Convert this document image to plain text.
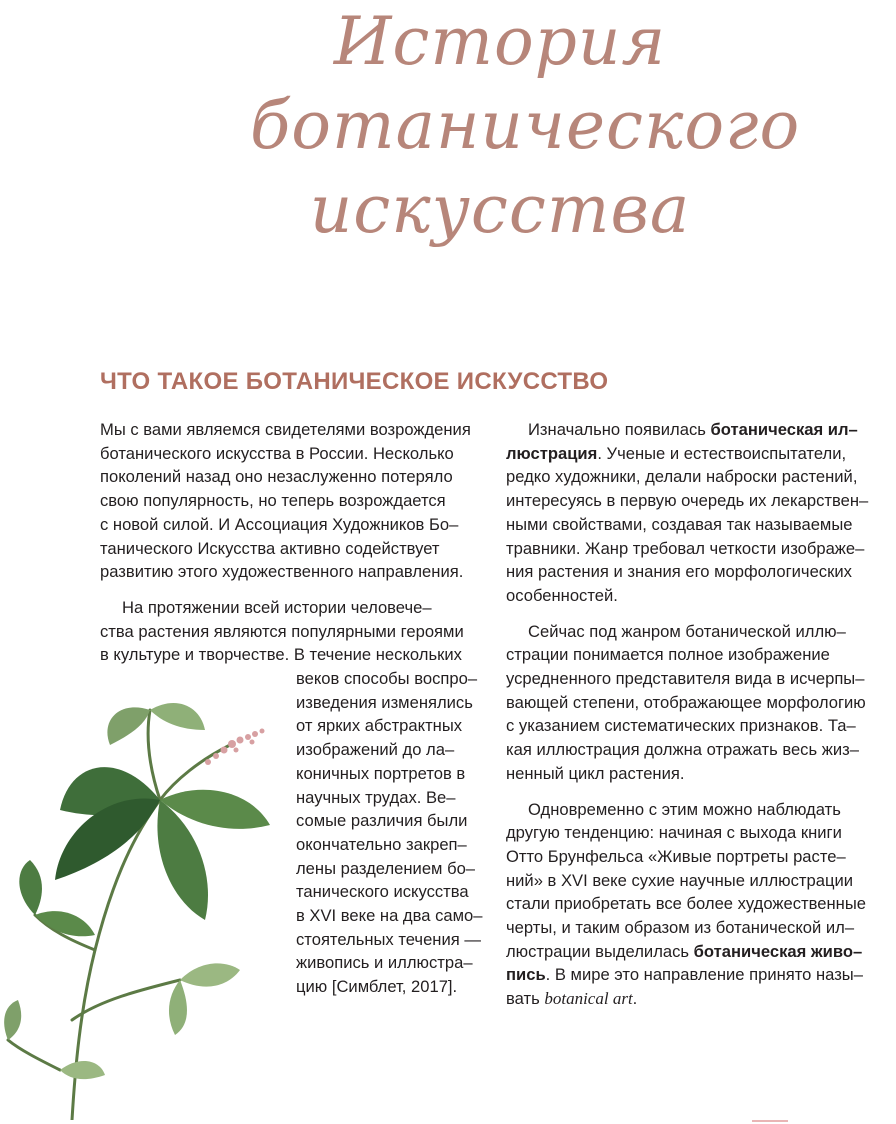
История
ботанического
искусства
ЧТО ТАКОЕ БОТАНИЧЕСКОЕ ИСКУССТВО

Мы с вами являемся свидетелями возрождения

ботанического искусства в России. Несколько

поколений назад оно незаслуженно потеряло

свою популярность, но теперь возрождается

с новой силой. И Ассоциация Художников Бо–

танического Искусства активно содействует

развитию этого художественного направления.

На протяжении всей истории человече–

ства растения являются популярными героями

в культуре и творчестве. В течение нескольких

веков способы воспро–

изведения изменялись

от ярких абстрактных

изображений до ла–

коничных портретов в

научных трудах. Ве–

сомые различия были

окончательно закреп–

лены разделением бо–

танического искусства

в XVI веке на два само–

стоятельных течения —

живопись и иллюстра–

цию [Симблет, 2017].

Изначально появилась ботаническая ил–

люстрация. Ученые и естествоиспытатели,

редко художники, делали наброски растений,

интересуясь в первую очередь их лекарствен–

ными свойствами, создавая так называемые

травники. Жанр требовал четкости изображе–

ния растения и знания его морфологических

особенностей.

Сейчас под жанром ботанической иллю–

страции понимается полное изображение

усредненного представителя вида в исчерпы–

вающей степени, отображающее морфологию

с указанием систематических признаков. Та–

кая иллюстрация должна отражать весь жиз–

ненный цикл растения.

Одновременно с этим можно наблюдать

другую тенденцию: начиная с выхода книги

Отто Брунфельса «Живые портреты расте–

ний» в XVI веке сухие научные иллюстрации

стали приобретать все более художественные

черты, и таким образом из ботанической ил–

люстрации выделилась ботаническая живо–

пись. В мире это направление принято назы–

вать botanical art.
